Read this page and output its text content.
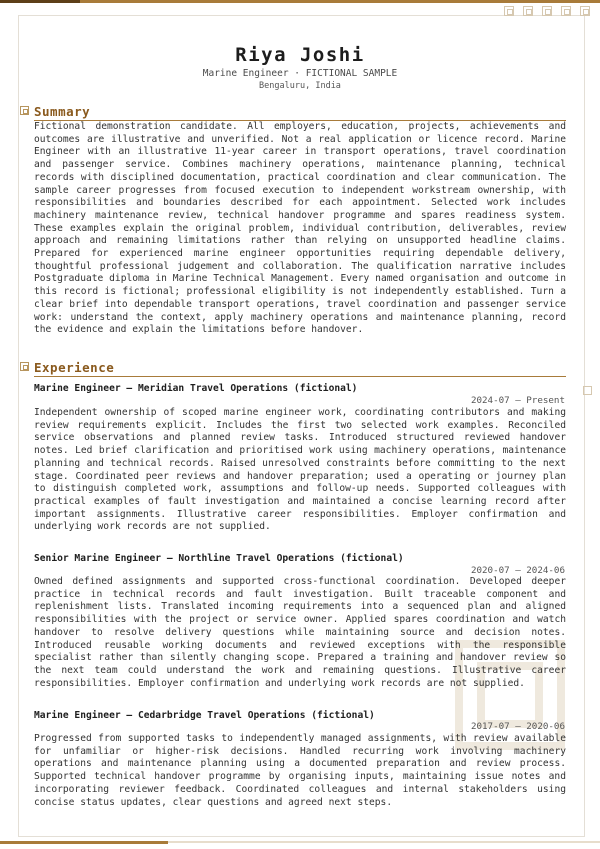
Riya Joshi
Marine Engineer · FICTIONAL SAMPLE
Bengaluru, India
Summary
Fictional demonstration candidate. All employers, education, projects, achievements and outcomes are illustrative and unverified. Not a real application or licence record. Marine Engineer with an illustrative 11-year career in transport operations, travel coordination and passenger service. Combines machinery operations, maintenance planning, technical records with disciplined documentation, practical coordination and clear communication. The sample career progresses from focused execution to independent workstream ownership, with responsibilities and boundaries described for each appointment. Selected work includes machinery maintenance review, technical handover programme and spares readiness system. These examples explain the original problem, individual contribution, deliverables, review approach and remaining limitations rather than relying on unsupported headline claims. Prepared for experienced marine engineer opportunities requiring dependable delivery, thoughtful professional judgement and collaboration. The qualification narrative includes Postgraduate diploma in Marine Technical Management. Every named organisation and outcome in this record is fictional; professional eligibility is not independently established. Turn a clear brief into dependable transport operations, travel coordination and passenger service work: understand the context, apply machinery operations and maintenance planning, record the evidence and explain the limitations before handover.
Experience
Marine Engineer – Meridian Travel Operations (fictional)
2024-07 – Present
Independent ownership of scoped marine engineer work, coordinating contributors and making review requirements explicit. Includes the first two selected work examples. Reconciled service observations and planned review tasks. Introduced structured reviewed handover notes. Led brief clarification and prioritised work using machinery operations, maintenance planning and technical records. Raised unresolved constraints before committing to the next stage. Coordinated peer reviews and handover preparation; used a operating or journey plan to distinguish completed work, assumptions and follow-up needs. Supported colleagues with practical examples of fault investigation and maintained a concise learning record after important assignments. Illustrative career responsibilities. Employer confirmation and underlying work records are not supplied.
Senior Marine Engineer – Northline Travel Operations (fictional)
2020-07 – 2024-06
Owned defined assignments and supported cross-functional coordination. Developed deeper practice in technical records and fault investigation. Built traceable component and replenishment lists. Translated incoming requirements into a sequenced plan and aligned responsibilities with the project or service owner. Applied spares coordination and watch handover to resolve delivery questions while maintaining source and decision notes. Introduced reusable working documents and reviewed exceptions with the responsible specialist rather than silently changing scope. Prepared a training and handover review so the next team could understand the work and remaining questions. Illustrative career responsibilities. Employer confirmation and underlying work records are not supplied.
Marine Engineer – Cedarbridge Travel Operations (fictional)
2017-07 – 2020-06
Progressed from supported tasks to independently managed assignments, with review available for unfamiliar or higher-risk decisions. Handled recurring work involving machinery operations and maintenance planning using a documented preparation and review process. Supported technical handover programme by organising inputs, maintaining issue notes and incorporating reviewer feedback. Coordinated colleagues and internal stakeholders using concise status updates, clear questions and agreed next steps.
